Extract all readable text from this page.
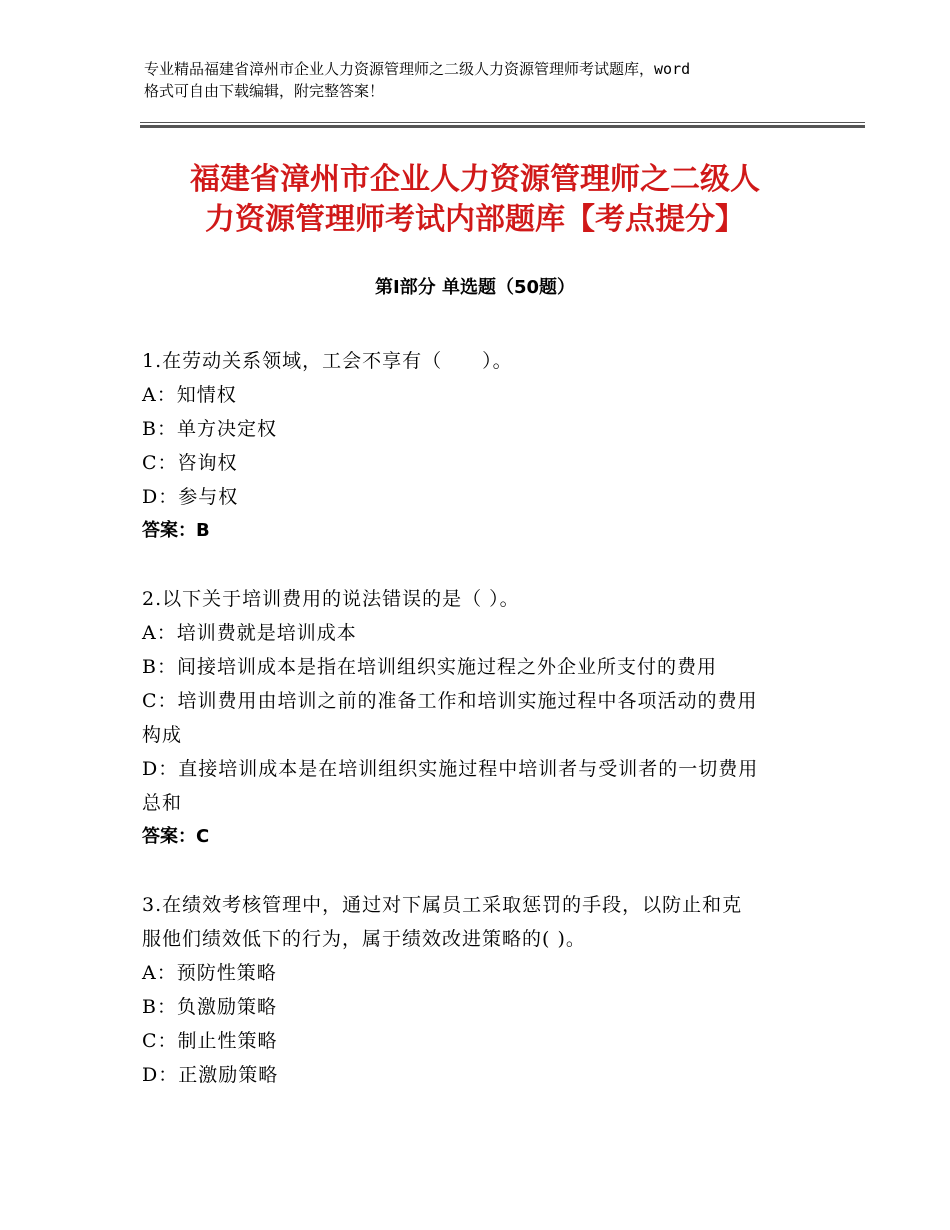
专业精品福建省漳州市企业人力资源管理师之二级人力资源管理师考试题库，word
格式可自由下载编辑，附完整答案！
福建省漳州市企业人力资源管理师之二级人
力资源管理师考试内部题库【考点提分】
第Ⅰ部分 单选题（50题）
1.在劳动关系领域，工会不享有（　　）。
A：知情权
B：单方决定权
C：咨询权
D：参与权
答案：B
2.以下关于培训费用的说法错误的是（ ）。
A：培训费就是培训成本
B：间接培训成本是指在培训组织实施过程之外企业所支付的费用
C：培训费用由培训之前的准备工作和培训实施过程中各项活动的费用
构成
D：直接培训成本是在培训组织实施过程中培训者与受训者的一切费用
总和
答案：C
3.在绩效考核管理中，通过对下属员工采取惩罚的手段，以防止和克
服他们绩效低下的行为，属于绩效改进策略的( )。
A：预防性策略
B：负激励策略
C：制止性策略
D：正激励策略
